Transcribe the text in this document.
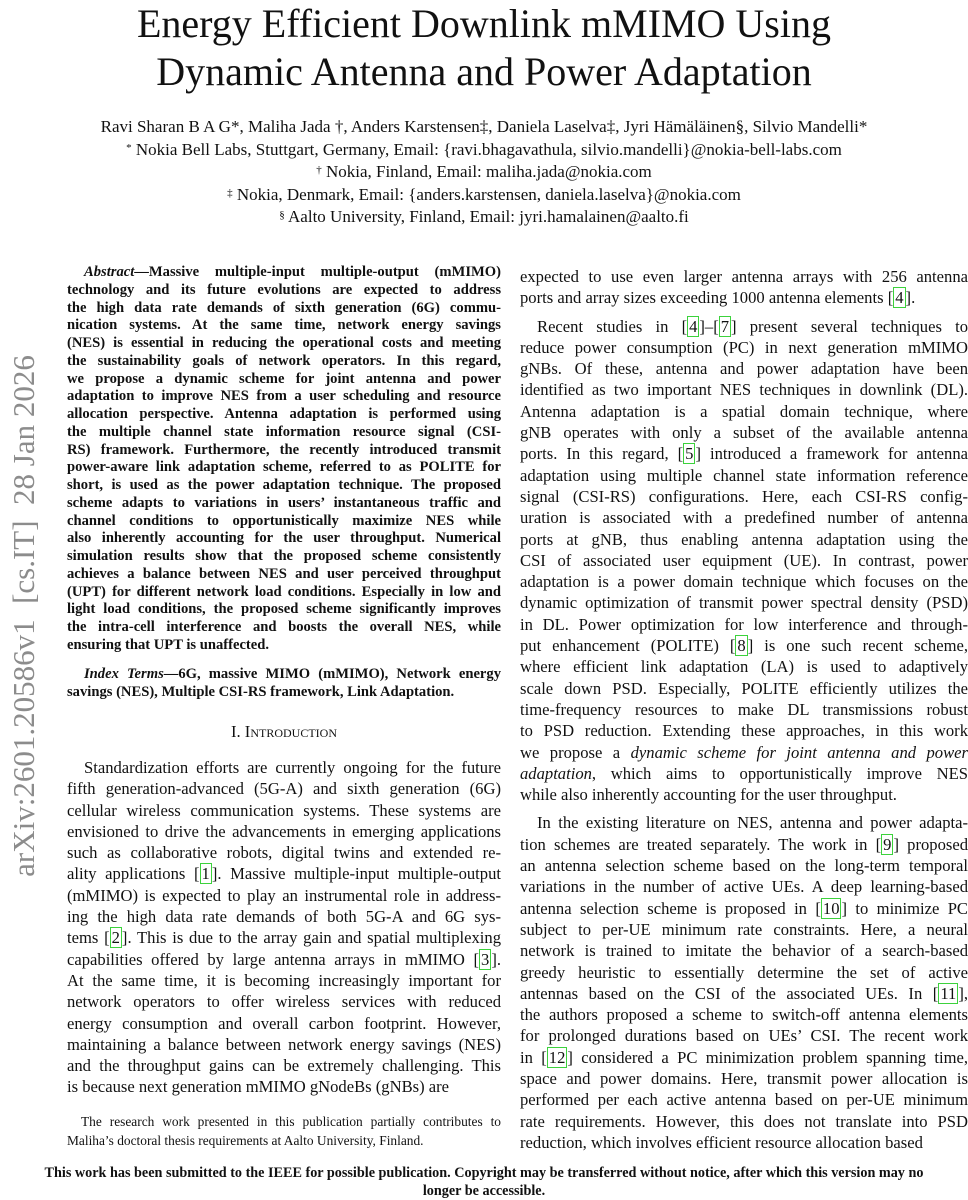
Energy Efficient Downlink mMIMO Using
Dynamic Antenna and Power Adaptation
Ravi Sharan B A G*, Maliha Jada †, Anders Karstensen‡, Daniela Laselva‡, Jyri Hämäläinen§, Silvio Mandelli*
* Nokia Bell Labs, Stuttgart, Germany, Email: {ravi.bhagavathula, silvio.mandelli}@nokia-bell-labs.com
† Nokia, Finland, Email: maliha.jada@nokia.com
‡ Nokia, Denmark, Email: {anders.karstensen, daniela.laselva}@nokia.com
§ Aalto University, Finland, Email: jyri.hamalainen@aalto.fi
arXiv:2601.20586v1  [cs.IT]  28 Jan 2026
Abstract—Massive multiple-input multiple-output (mMIMO)
technology and its future evolutions are expected to address
the high data rate demands of sixth generation (6G) commu-
nication systems. At the same time, network energy savings
(NES) is essential in reducing the operational costs and meeting
the sustainability goals of network operators. In this regard,
we propose a dynamic scheme for joint antenna and power
adaptation to improve NES from a user scheduling and resource
allocation perspective. Antenna adaptation is performed using
the multiple channel state information resource signal (CSI-
RS) framework. Furthermore, the recently introduced transmit
power-aware link adaptation scheme, referred to as POLITE for
short, is used as the power adaptation technique. The proposed
scheme adapts to variations in users’ instantaneous traffic and
channel conditions to opportunistically maximize NES while
also inherently accounting for the user throughput. Numerical
simulation results show that the proposed scheme consistently
achieves a balance between NES and user perceived throughput
(UPT) for different network load conditions. Especially in low and
light load conditions, the proposed scheme significantly improves
the intra-cell interference and boosts the overall NES, while
ensuring that UPT is unaffected.
Index Terms—6G, massive MIMO (mMIMO), Network energy
savings (NES), Multiple CSI-RS framework, Link Adaptation.
I. Introduction
Standardization efforts are currently ongoing for the future
fifth generation-advanced (5G-A) and sixth generation (6G)
cellular wireless communication systems. These systems are
envisioned to drive the advancements in emerging applications
such as collaborative robots, digital twins and extended re-
ality applications [ 1 ]. Massive multiple-input multiple-output
(mMIMO) is expected to play an instrumental role in address-
ing the high data rate demands of both 5G-A and 6G sys-
tems [ 2 ]. This is due to the array gain and spatial multiplexing
capabilities offered by large antenna arrays in mMIMO [ 3 ].
At the same time, it is becoming increasingly important for
network operators to offer wireless services with reduced
energy consumption and overall carbon footprint. However,
maintaining a balance between network energy savings (NES)
and the throughput gains can be extremely challenging. This
is because next generation mMIMO gNodeBs (gNBs) are
expected to use even larger antenna arrays with 256 antenna
ports and array sizes exceeding 1000 antenna elements [ 4 ].
Recent studies in [ 4 ]–[ 7 ] present several techniques to
reduce power consumption (PC) in next generation mMIMO
gNBs. Of these, antenna and power adaptation have been
identified as two important NES techniques in downlink (DL).
Antenna adaptation is a spatial domain technique, where
gNB operates with only a subset of the available antenna
ports. In this regard, [ 5 ] introduced a framework for antenna
adaptation using multiple channel state information reference
signal (CSI-RS) configurations. Here, each CSI-RS config-
uration is associated with a predefined number of antenna
ports at gNB, thus enabling antenna adaptation using the
CSI of associated user equipment (UE). In contrast, power
adaptation is a power domain technique which focuses on the
dynamic optimization of transmit power spectral density (PSD)
in DL. Power optimization for low interference and through-
put enhancement (POLITE) [ 8 ] is one such recent scheme,
where efficient link adaptation (LA) is used to adaptively
scale down PSD. Especially, POLITE efficiently utilizes the
time-frequency resources to make DL transmissions robust
to PSD reduction. Extending these approaches, in this work
we propose a dynamic scheme for joint antenna and power
adaptation, which aims to opportunistically improve NES
while also inherently accounting for the user throughput.
In the existing literature on NES, antenna and power adapta-
tion schemes are treated separately. The work in [ 9 ] proposed
an antenna selection scheme based on the long-term temporal
variations in the number of active UEs. A deep learning-based
antenna selection scheme is proposed in [ 10 ] to minimize PC
subject to per-UE minimum rate constraints. Here, a neural
network is trained to imitate the behavior of a search-based
greedy heuristic to essentially determine the set of active
antennas based on the CSI of the associated UEs. In [ 11 ],
the authors proposed a scheme to switch-off antenna elements
for prolonged durations based on UEs’ CSI. The recent work
in [ 12 ] considered a PC minimization problem spanning time,
space and power domains. Here, transmit power allocation is
performed per each active antenna based on per-UE minimum
rate requirements. However, this does not translate into PSD
reduction, which involves efficient resource allocation based
The research work presented in this publication partially contributes to
Maliha’s doctoral thesis requirements at Aalto University, Finland.
This work has been submitted to the IEEE for possible publication. Copyright may be transferred without notice, after which this version may no
longer be accessible.
